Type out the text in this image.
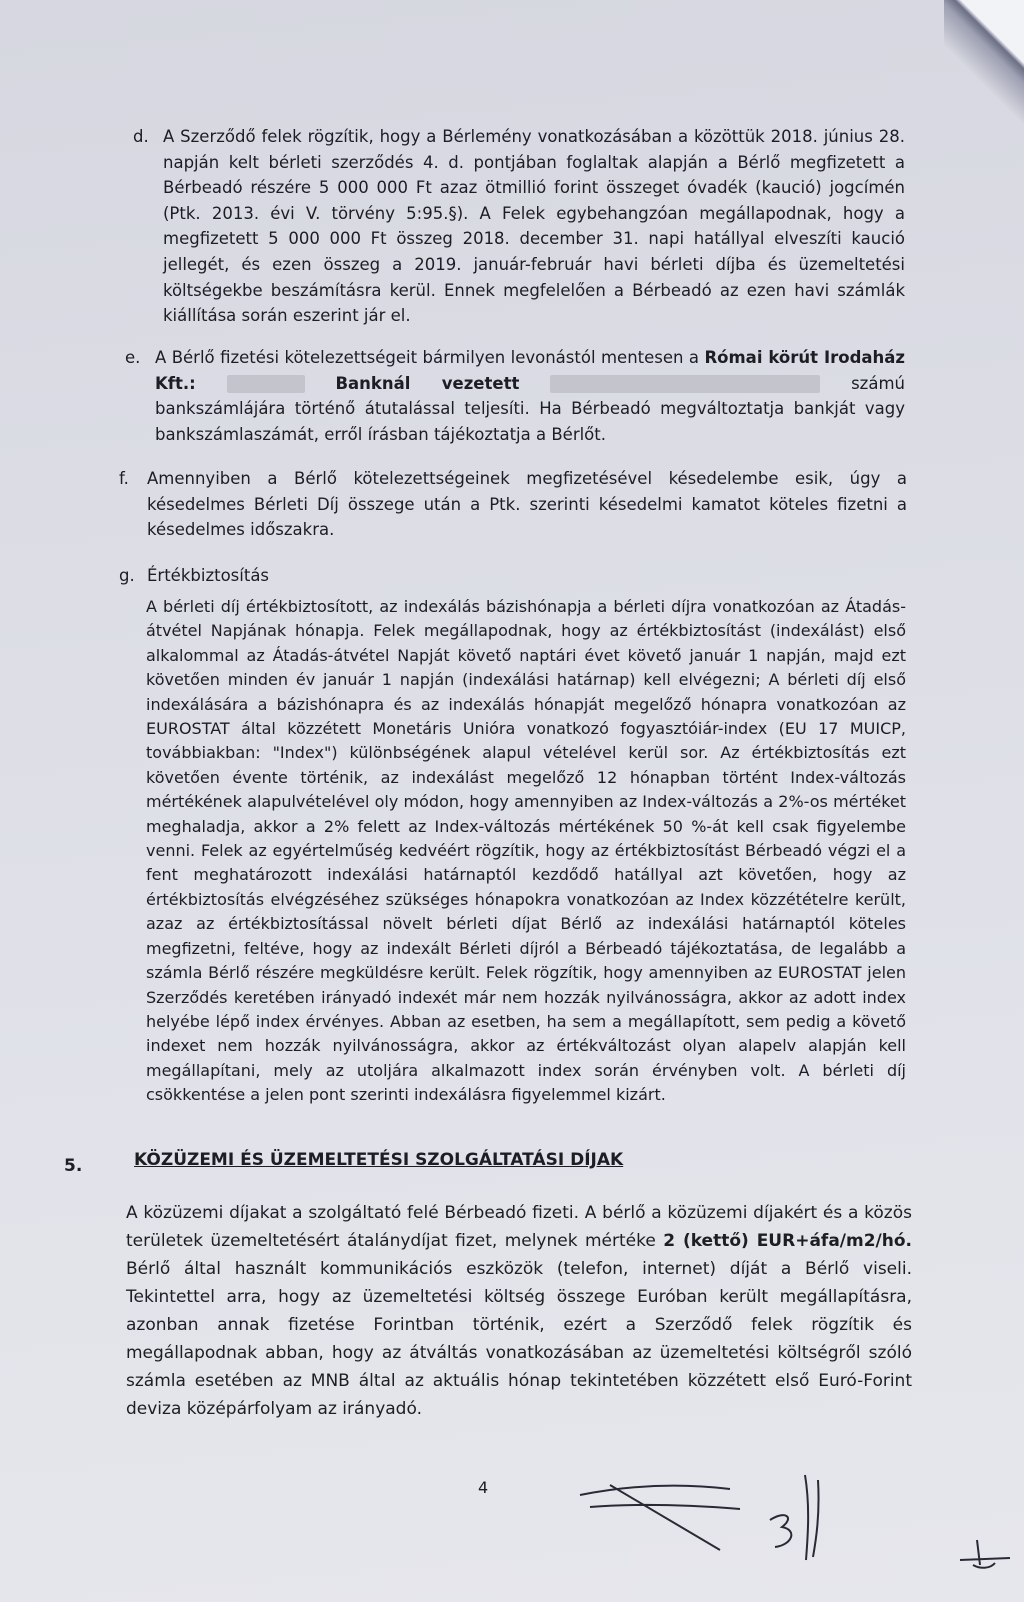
d. A Szerződő felek rögzítik, hogy a Bérlemény vonatkozásában a közöttük 2018. június 28. napján kelt bérleti szerződés 4. d. pontjában foglaltak alapján a Bérlő megfizetett a Bérbeadó részére 5 000 000 Ft azaz ötmillió forint összeget óvadék (kaució) jogcímén (Ptk. 2013. évi V. törvény 5:95.§). A Felek egybehangzóan megállapodnak, hogy a megfizetett 5 000 000 Ft összeg 2018. december 31. napi hatállyal elveszíti kaució jellegét, és ezen összeg a 2019. január-február havi bérleti díjba és üzemeltetési költségekbe beszámításra kerül. Ennek megfelelően a Bérbeadó az ezen havi számlák kiállítása során eszerint jár el.
e. A Bérlő fizetési kötelezettségeit bármilyen levonástól mentesen a Római körút Irodaház Kft.:	Banknál vezetett	számú bankszámlájára történő átutalással teljesíti. Ha Bérbeadó megváltoztatja bankját vagy bankszámlaszámát, erről írásban tájékoztatja a Bérlőt.
f.	Amennyiben a Bérlő kötelezettségeinek megfizetésével késedelembe esik, úgy a késedelmes Bérleti Díj összege után a Ptk. szerinti késedelmi kamatot köteles fizetni a késedelmes időszakra.
g. Értékbiztosítás
A bérleti díj értékbiztosított, az indexálás bázishónapja a bérleti díjra vonatkozóan az Átadás-átvétel Napjának hónapja. Felek megállapodnak, hogy az értékbiztosítást (indexálást) első alkalommal az Átadás-átvétel Napját követő naptári évet követő január 1 napján, majd ezt követően minden év január 1 napján (indexálási határnap) kell elvégezni; A bérleti díj első indexálására a bázishónapra és az indexálás hónapját megelőző hónapra vonatkozóan az EUROSTAT által közzétett Monetáris Unióra vonatkozó fogyasztóiár-index (EU 17 MUICP, továbbiakban: "Index") különbségének alapul vételével kerül sor. Az értékbiztosítás ezt követően évente történik, az indexálást megelőző 12 hónapban történt Index-változás mértékének alapulvételével oly módon, hogy amennyiben az Index-változás a 2%-os mértéket meghaladja, akkor a 2% felett az Index-változás mértékének 50 %-át kell csak figyelembe venni. Felek az egyértelműség kedvéért rögzítik, hogy az értékbiztosítást Bérbeadó végzi el a fent meghatározott indexálási határnaptól kezdődő hatállyal azt követően, hogy az értékbiztosítás elvégzéséhez szükséges hónapokra vonatkozóan az Index közzétételre került, azaz az értékbiztosítással növelt bérleti díjat Bérlő az indexálási határnaptól köteles megfizetni, feltéve, hogy az indexált Bérleti díjról a Bérbeadó tájékoztatása, de legalább a számla Bérlő részére megküldésre került. Felek rögzítik, hogy amennyiben az EUROSTAT jelen Szerződés keretében irányadó indexét már nem hozzák nyilvánosságra, akkor az adott index helyébe lépő index érvényes. Abban az esetben, ha sem a megállapított, sem pedig a követő indexet nem hozzák nyilvánosságra, akkor az értékváltozást olyan alapelv alapján kell megállapítani, mely az utoljára alkalmazott index során érvényben volt. A bérleti díj csökkentése a jelen pont szerinti indexálásra figyelemmel kizárt.
5.	KÖZÜZEMI ÉS ÜZEMELTETÉSI SZOLGÁLTATÁSI DÍJAK
A közüzemi díjakat a szolgáltató felé Bérbeadó fizeti. A bérlő a közüzemi díjakért és a közös területek üzemeltetésért átalánydíjat fizet, melynek mértéke 2 (kettő) EUR+áfa/m2/hó. Bérlő által használt kommunikációs eszközök (telefon, internet) díját a Bérlő viseli. Tekintettel arra, hogy az üzemeltetési költség összege Euróban került megállapításra, azonban annak fizetése Forintban történik, ezért a Szerződő felek rögzítik és megállapodnak abban, hogy az átváltás vonatkozásában az üzemeltetési költségről szóló számla esetében az MNB által az aktuális hónap tekintetében közzétett első Euró-Forint deviza középárfolyam az irányadó.
4
